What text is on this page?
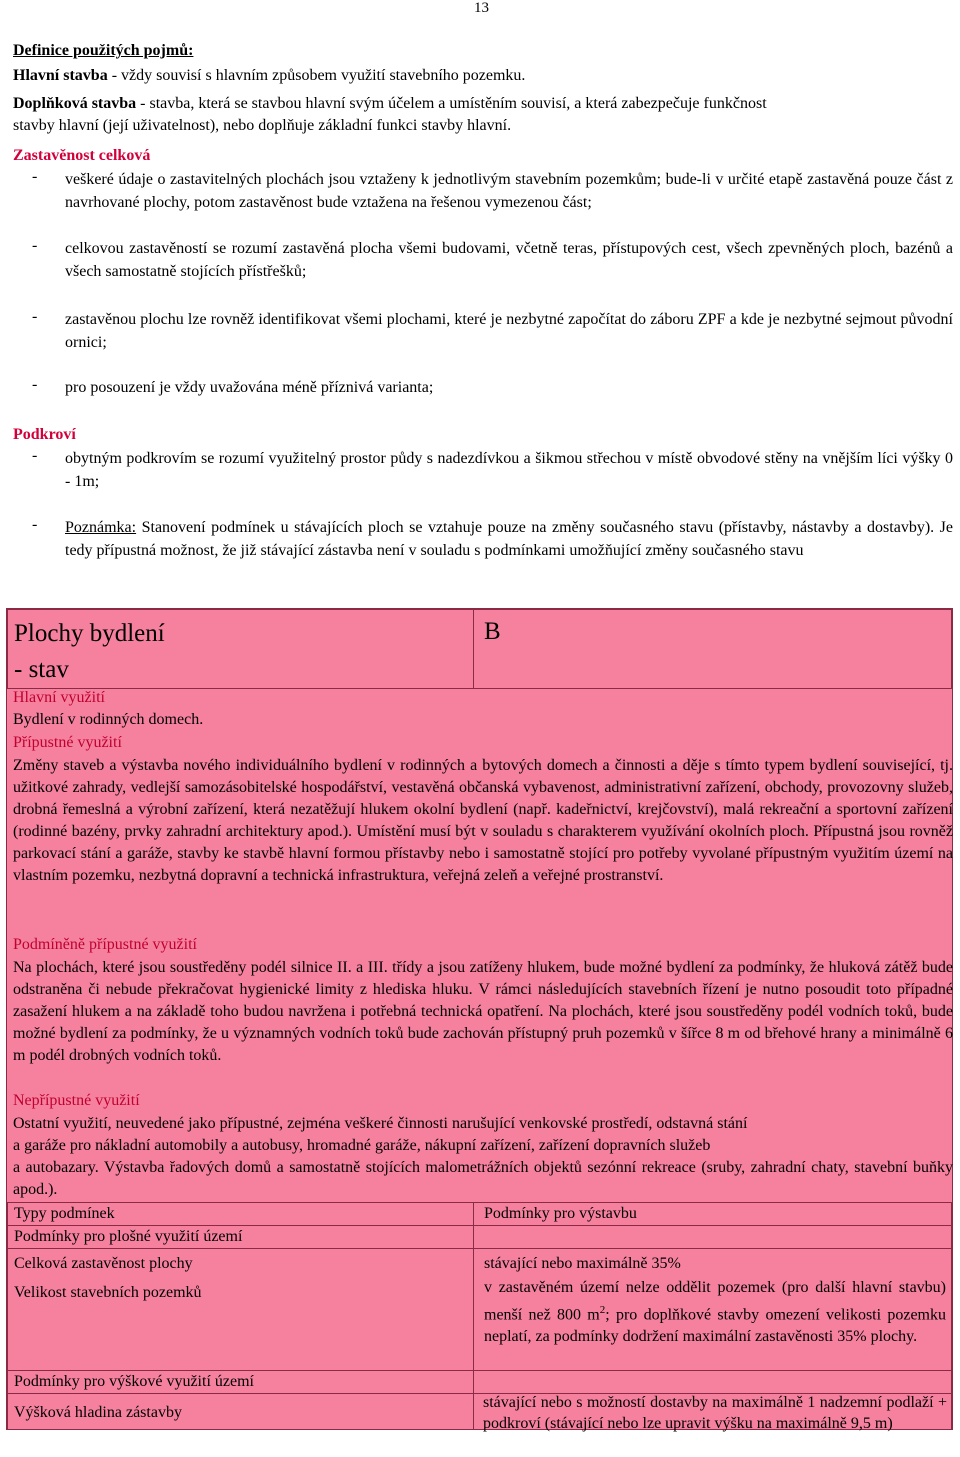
13
Definice použitých pojmů:
Hlavní stavba - vždy souvisí s hlavním způsobem využití stavebního pozemku.
Doplňková stavba - stavba, která se stavbou hlavní svým účelem a umístěním souvisí, a která zabezpečuje funkčnost
stavby hlavní (její uživatelnost), nebo doplňuje základní funkci stavby hlavní.
Zastavěnost celková
- veškeré údaje o zastavitelných plochách jsou vztaženy k jednotlivým stavebním pozemkům; bude-li v určité etapě zastavěná pouze část z navrhované plochy, potom zastavěnost bude vztažena na řešenou vymezenou část;
- celkovou zastavěností se rozumí zastavěná plocha všemi budovami, včetně teras, přístupových cest, všech zpevněných ploch, bazénů a všech samostatně stojících přístřešků;
- zastavěnou plochu lze rovněž identifikovat všemi plochami, které je nezbytné započítat do záboru ZPF a kde je nezbytné sejmout původní ornici;
- pro posouzení je vždy uvažována méně příznivá varianta;
Podkroví
- obytným podkrovím se rozumí využitelný prostor půdy s nadezdívkou a šikmou střechou v místě obvodové stěny na vnějším líci výšky 0 - 1m;
- Poznámka: Stanovení podmínek u stávajících ploch se vztahuje pouze na změny současného stavu (přístavby, nástavby a dostavby). Je tedy přípustná možnost, že již stávající zástavba není v souladu s podmínkami umožňující změny současného stavu
Plochy bydlení
- stav
B
Hlavní využití
Bydlení v rodinných domech.
Přípustné využití
Změny staveb a výstavba nového individuálního bydlení v rodinných a bytových domech a činnosti a děje s tímto typem bydlení související, tj. užitkové zahrady, vedlejší samozásobitelské hospodářství, vestavěná občanská vybavenost, administrativní zařízení, obchody, provozovny služeb, drobná řemeslná a výrobní zařízení, která nezatěžují hlukem okolní bydlení (např. kadeřnictví, krejčovství), malá rekreační a sportovní zařízení (rodinné bazény, prvky zahradní architektury apod.). Umístění musí být v souladu s charakterem využívání okolních ploch. Přípustná jsou rovněž parkovací stání a garáže, stavby ke stavbě hlavní formou přístavby nebo i samostatně stojící pro potřeby vyvolané přípustným využitím území na vlastním pozemku, nezbytná dopravní a technická infrastruktura, veřejná zeleň a veřejné prostranství.
Podmíněně přípustné využití
Na plochách, které jsou soustředěny podél silnice II. a III. třídy a jsou zatíženy hlukem, bude možné bydlení za podmínky, že hluková zátěž bude odstraněna či nebude překračovat hygienické limity z hlediska hluku. V rámci následujících stavebních řízení je nutno posoudit toto případné zasažení hlukem a na základě toho budou navržena i potřebná technická opatření. Na plochách, které jsou soustředěny podél vodních toků, bude možné bydlení za podmínky, že u významných vodních toků bude zachován přístupný pruh pozemků v šířce 8 m od břehové hrany a minimálně 6 m podél drobných vodních toků.
Nepřípustné využití
Ostatní využití, neuvedené jako přípustné, zejména veškeré činnosti narušující venkovské prostředí, odstavná stání
a garáže pro nákladní automobily a autobusy, hromadné garáže, nákupní zařízení, zařízení dopravních služeb
a autobazary. Výstavba řadových domů a samostatně stojících malometrážních objektů sezónní rekreace (sruby, zahradní chaty, stavební buňky apod.).
Typy podmínek	Podmínky pro výstavbu
Podmínky pro plošné využití území
Celková zastavěnost plochy
Velikost stavebních pozemků
stávající nebo maximálně 35%
v zastavěném území nelze oddělit pozemek (pro další hlavní stavbu) menší než 800 $m^2$; pro doplňkové stavby omezení velikosti pozemku neplatí, za podmínky dodržení maximální zastavěnosti 35% plochy.
Podmínky pro výškové využití území
Výšková hladina zástavby
stávající nebo s možností dostavby na maximálně 1 nadzemní podlaží + podkroví (stávající nebo lze upravit výšku na maximálně 9,5 m)
